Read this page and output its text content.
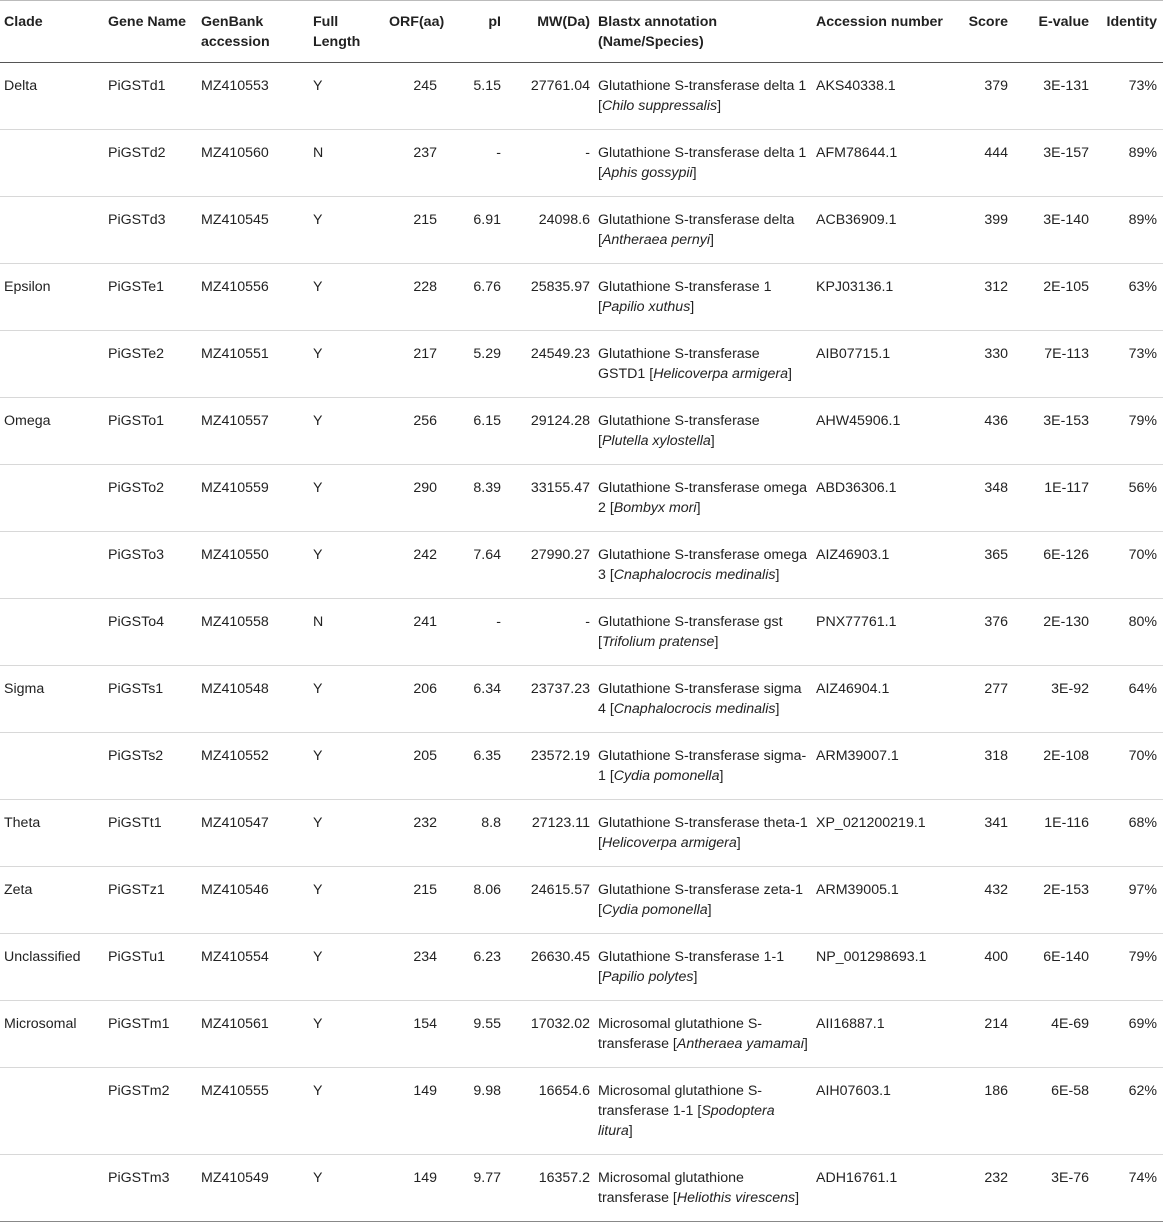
Clade	Gene Name	GenBank accession	Full Length	ORF(aa)	pI	MW(Da)	Blastx annotation (Name/Species)	Accession number	Score	E-value	Identity
Delta	PiGSTd1	MZ410553	Y	245	5.15	27761.04	Glutathione S-transferase delta 1 [Chilo suppressalis]	AKS40338.1	379	3E-131	73%
	PiGSTd2	MZ410560	N	237	-	-	Glutathione S-transferase delta 1 [Aphis gossypii]	AFM78644.1	444	3E-157	89%
	PiGSTd3	MZ410545	Y	215	6.91	24098.6	Glutathione S-transferase delta [Antheraea pernyi]	ACB36909.1	399	3E-140	89%
Epsilon	PiGSTe1	MZ410556	Y	228	6.76	25835.97	Glutathione S-transferase 1 [Papilio xuthus]	KPJ03136.1	312	2E-105	63%
	PiGSTe2	MZ410551	Y	217	5.29	24549.23	Glutathione S-transferase GSTD1 [Helicoverpa armigera]	AIB07715.1	330	7E-113	73%
Omega	PiGSTo1	MZ410557	Y	256	6.15	29124.28	Glutathione S-transferase [Plutella xylostella]	AHW45906.1	436	3E-153	79%
	PiGSTo2	MZ410559	Y	290	8.39	33155.47	Glutathione S-transferase omega 2 [Bombyx mori]	ABD36306.1	348	1E-117	56%
	PiGSTo3	MZ410550	Y	242	7.64	27990.27	Glutathione S-transferase omega 3 [Cnaphalocrocis medinalis]	AIZ46903.1	365	6E-126	70%
	PiGSTo4	MZ410558	N	241	-	-	Glutathione S-transferase gst [Trifolium pratense]	PNX77761.1	376	2E-130	80%
Sigma	PiGSTs1	MZ410548	Y	206	6.34	23737.23	Glutathione S-transferase sigma 4 [Cnaphalocrocis medinalis]	AIZ46904.1	277	3E-92	64%
	PiGSTs2	MZ410552	Y	205	6.35	23572.19	Glutathione S-transferase sigma-1 [Cydia pomonella]	ARM39007.1	318	2E-108	70%
Theta	PiGSTt1	MZ410547	Y	232	8.8	27123.11	Glutathione S-transferase theta-1 [Helicoverpa armigera]	XP_021200219.1	341	1E-116	68%
Zeta	PiGSTz1	MZ410546	Y	215	8.06	24615.57	Glutathione S-transferase zeta-1 [Cydia pomonella]	ARM39005.1	432	2E-153	97%
Unclassified	PiGSTu1	MZ410554	Y	234	6.23	26630.45	Glutathione S-transferase 1-1 [Papilio polytes]	NP_001298693.1	400	6E-140	79%
Microsomal	PiGSTm1	MZ410561	Y	154	9.55	17032.02	Microsomal glutathione S-transferase [Antheraea yamamai]	AII16887.1	214	4E-69	69%
	PiGSTm2	MZ410555	Y	149	9.98	16654.6	Microsomal glutathione S-transferase 1-1 [Spodoptera litura]	AIH07603.1	186	6E-58	62%
	PiGSTm3	MZ410549	Y	149	9.77	16357.2	Microsomal glutathione transferase [Heliothis virescens]	ADH16761.1	232	3E-76	74%
